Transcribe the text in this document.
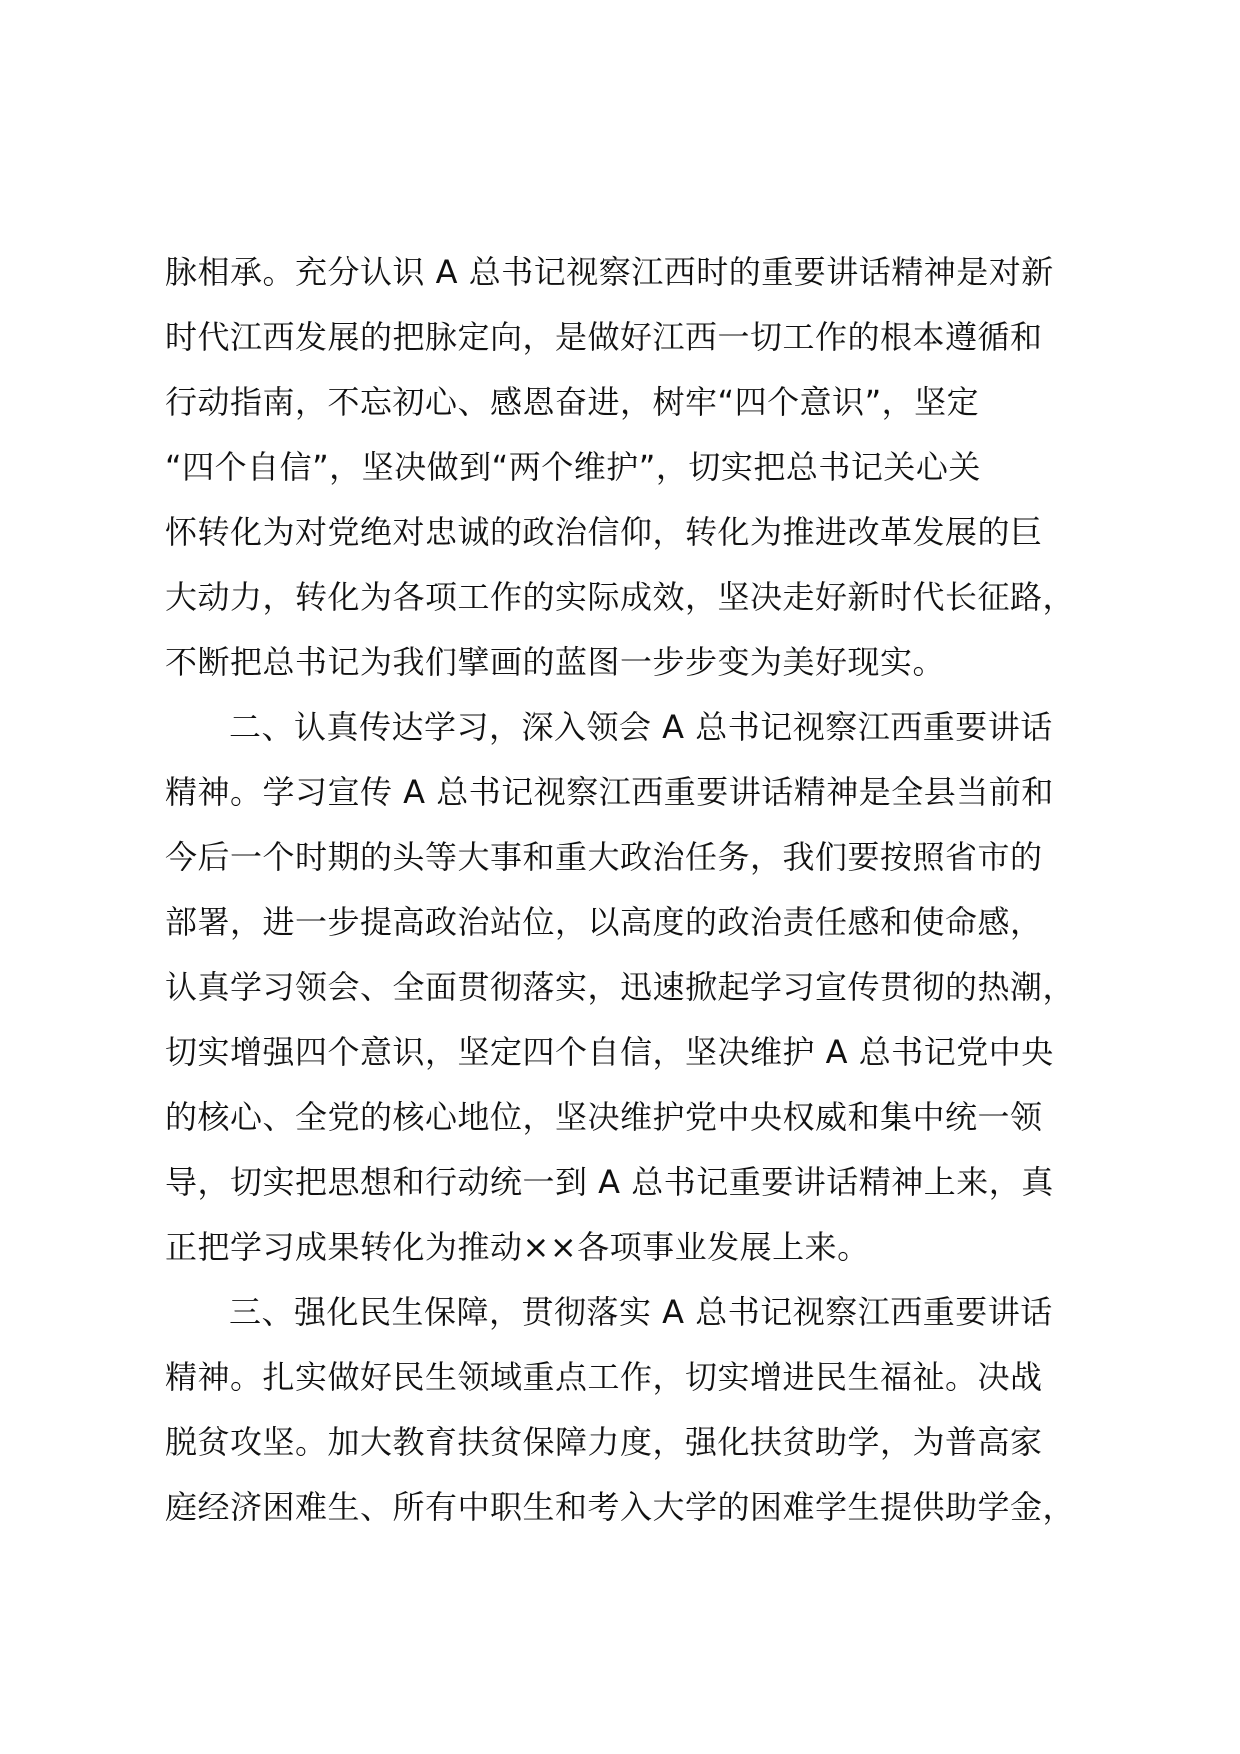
脉相承。充分认识 A 总书记视察江西时的重要讲话精神是对新
时代江西发展的把脉定向，是做好江西一切工作的根本遵循和
行动指南，不忘初心、感恩奋进，树牢“四个意识”，坚定
“四个自信”，坚决做到“两个维护”，切实把总书记关心关
怀转化为对党绝对忠诚的政治信仰，转化为推进改革发展的巨
大动力，转化为各项工作的实际成效，坚决走好新时代长征路，
不断把总书记为我们擘画的蓝图一步步变为美好现实。
二、认真传达学习，深入领会 A 总书记视察江西重要讲话
精神。学习宣传 A 总书记视察江西重要讲话精神是全县当前和
今后一个时期的头等大事和重大政治任务，我们要按照省市的
部署，进一步提高政治站位，以高度的政治责任感和使命感，
认真学习领会、全面贯彻落实，迅速掀起学习宣传贯彻的热潮，
切实增强四个意识，坚定四个自信，坚决维护 A 总书记党中央
的核心、全党的核心地位，坚决维护党中央权威和集中统一领
导，切实把思想和行动统一到 A 总书记重要讲话精神上来，真
正把学习成果转化为推动××各项事业发展上来。
三、强化民生保障，贯彻落实 A 总书记视察江西重要讲话
精神。扎实做好民生领域重点工作，切实增进民生福祉。决战
脱贫攻坚。加大教育扶贫保障力度，强化扶贫助学，为普高家
庭经济困难生、所有中职生和考入大学的困难学生提供助学金，
